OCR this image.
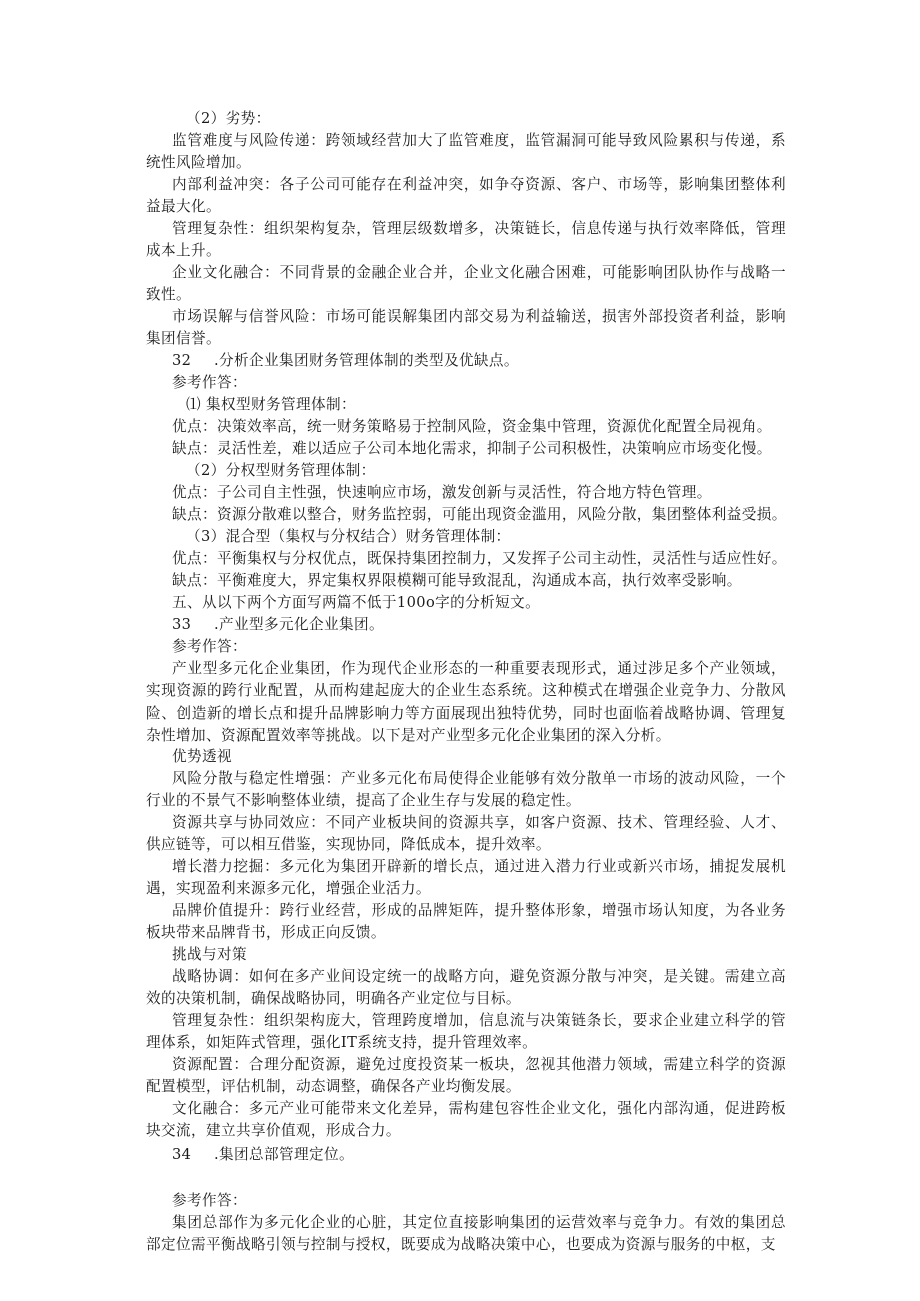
（2）劣势：
监管难度与风险传递：跨领域经营加大了监管难度，监管漏洞可能导致风险累积与传递，系统性风险增加。
内部利益冲突：各子公司可能存在利益冲突，如争夺资源、客户、市场等，影响集团整体利益最大化。
管理复杂性：组织架构复杂，管理层级数增多，决策链长，信息传递与执行效率降低，管理成本上升。
企业文化融合：不同背景的金融企业合并，企业文化融合困难，可能影响团队协作与战略一致性。
市场误解与信誉风险：市场可能误解集团内部交易为利益输送，损害外部投资者利益，影响集团信誉。
32 .分析企业集团财务管理体制的类型及优缺点。
参考作答：
⑴ 集权型财务管理体制：
优点：决策效率高，统一财务策略易于控制风险，资金集中管理，资源优化配置全局视角。
缺点：灵活性差，难以适应子公司本地化需求，抑制子公司积极性，决策响应市场变化慢。
（2）分权型财务管理体制：
优点：子公司自主性强，快速响应市场，激发创新与灵活性，符合地方特色管理。
缺点：资源分散难以整合，财务监控弱，可能出现资金滥用，风险分散，集团整体利益受损。
（3）混合型（集权与分权结合）财务管理体制：
优点：平衡集权与分权优点，既保持集团控制力，又发挥子公司主动性，灵活性与适应性好。
缺点：平衡难度大，界定集权界限模糊可能导致混乱，沟通成本高，执行效率受影响。
五、从以下两个方面写两篇不低于100o字的分析短文。
33 .产业型多元化企业集团。
参考作答：
产业型多元化企业集团，作为现代企业形态的一种重要表现形式，通过涉足多个产业领域，实现资源的跨行业配置，从而构建起庞大的企业生态系统。这种模式在增强企业竞争力、分散风险、创造新的增长点和提升品牌影响力等方面展现出独特优势，同时也面临着战略协调、管理复杂性增加、资源配置效率等挑战。以下是对产业型多元化企业集团的深入分析。
优势透视
风险分散与稳定性增强：产业多元化布局使得企业能够有效分散单一市场的波动风险，一个行业的不景气不影响整体业绩，提高了企业生存与发展的稳定性。
资源共享与协同效应：不同产业板块间的资源共享，如客户资源、技术、管理经验、人才、供应链等，可以相互借鉴，实现协同，降低成本，提升效率。
增长潜力挖掘：多元化为集团开辟新的增长点，通过进入潜力行业或新兴市场，捕捉发展机遇，实现盈利来源多元化，增强企业活力。
品牌价值提升：跨行业经营，形成的品牌矩阵，提升整体形象，增强市场认知度，为各业务板块带来品牌背书，形成正向反馈。
挑战与对策
战略协调：如何在多产业间设定统一的战略方向，避免资源分散与冲突，是关键。需建立高效的决策机制，确保战略协同，明确各产业定位与目标。
管理复杂性：组织架构庞大，管理跨度增加，信息流与决策链条长，要求企业建立科学的管理体系，如矩阵式管理，强化IT系统支持，提升管理效率。
资源配置：合理分配资源，避免过度投资某一板块，忽视其他潜力领域，需建立科学的资源配置模型，评估机制，动态调整，确保各产业均衡发展。
文化融合：多元产业可能带来文化差异，需构建包容性企业文化，强化内部沟通，促进跨板块交流，建立共享价值观，形成合力。
34 .集团总部管理定位。
参考作答：
集团总部作为多元化企业的心脏，其定位直接影响集团的运营效率与竞争力。有效的集团总部定位需平衡战略引领与控制与授权，既要成为战略决策中心，也要成为资源与服务的中枢，支
